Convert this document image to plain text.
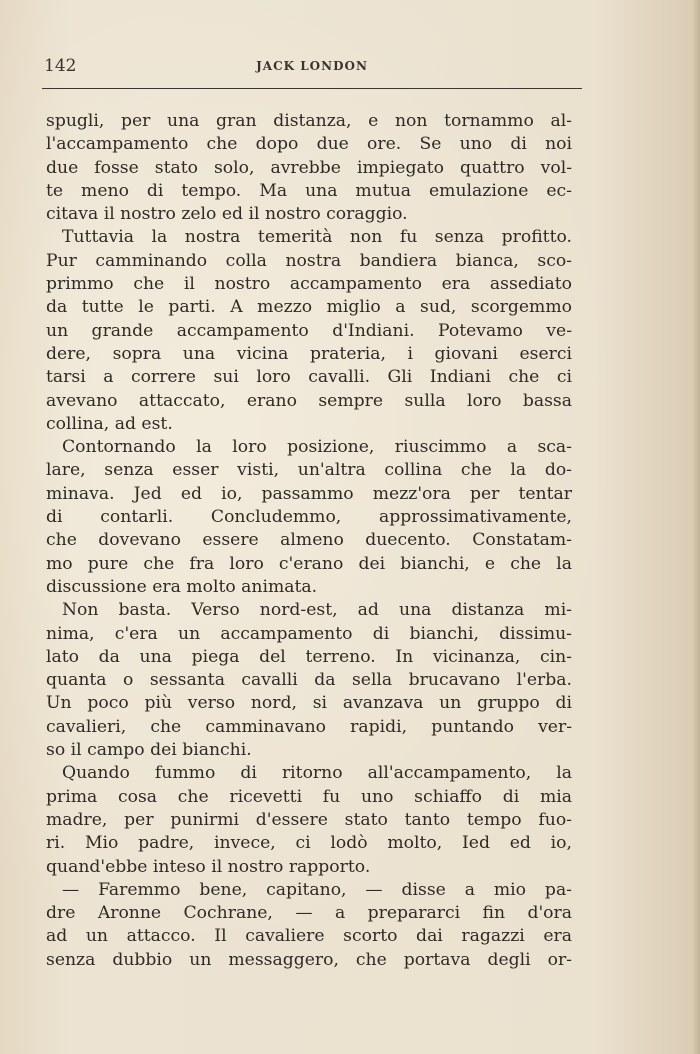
142	JACK LONDON
spugli, per una gran distanza, e non tornammo al-
l'accampamento che dopo due ore. Se uno di noi
due fosse stato solo, avrebbe impiegato quattro vol-
te meno di tempo. Ma una mutua emulazione ec-
citava il nostro zelo ed il nostro coraggio.
Tuttavia la nostra temerità non fu senza profitto.
Pur camminando colla nostra bandiera bianca, sco-
primmo che il nostro accampamento era assediato
da tutte le parti. A mezzo miglio a sud, scorgemmo
un grande accampamento d'Indiani. Potevamo ve-
dere, sopra una vicina prateria, i giovani eserci
tarsi a correre sui loro cavalli. Gli Indiani che ci
avevano attaccato, erano sempre sulla loro bassa
collina, ad est.
Contornando la loro posizione, riuscimmo a sca-
lare, senza esser visti, un'altra collina che la do-
minava. Jed ed io, passammo mezz'ora per tentar
di contarli. Concludemmo, approssimativamente,
che dovevano essere almeno duecento. Constatam-
mo pure che fra loro c'erano dei bianchi, e che la
discussione era molto animata.
Non basta. Verso nord-est, ad una distanza mi-
nima, c'era un accampamento di bianchi, dissimu-
lato da una piega del terreno. In vicinanza, cin-
quanta o sessanta cavalli da sella brucavano l'erba.
Un poco più verso nord, si avanzava un gruppo di
cavalieri, che camminavano rapidi, puntando ver-
so il campo dei bianchi.
Quando fummo di ritorno all'accampamento, la
prima cosa che ricevetti fu uno schiaffo di mia
madre, per punirmi d'essere stato tanto tempo fuo-
ri. Mio padre, invece, ci lodò molto, Ied ed io,
quand'ebbe inteso il nostro rapporto.
— Faremmo bene, capitano, — disse a mio pa-
dre Aronne Cochrane, — a prepararci fin d'ora
ad un attacco. Il cavaliere scorto dai ragazzi era
senza dubbio un messaggero, che portava degli or-
